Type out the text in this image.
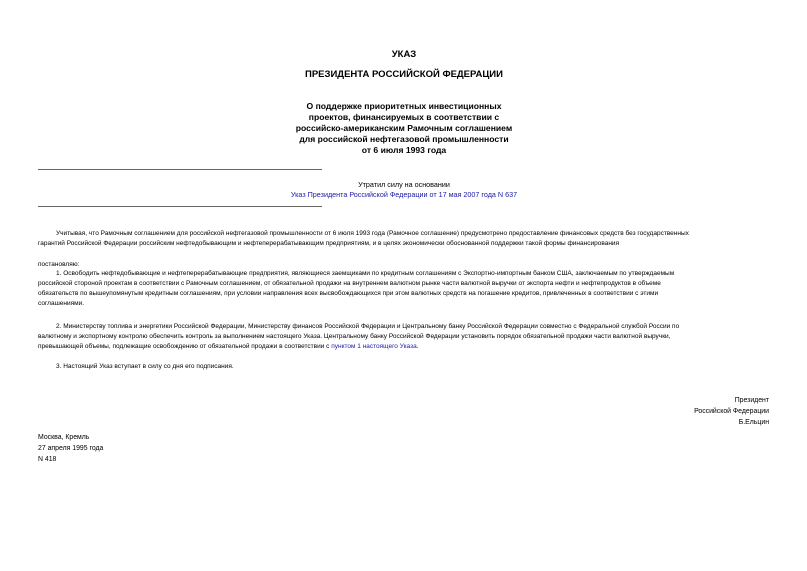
УКАЗ
ПРЕЗИДЕНТА РОССИЙСКОЙ ФЕДЕРАЦИИ
О поддержке приоритетных инвестиционных
проектов, финансируемых в соответствии с
российско-американским Рамочным соглашением
для российской нефтегазовой промышленности
от 6 июля 1993 года
Утратил силу на основании
Указ Президента Российской Федерации от 17 мая 2007 года N 637
Учитывая, что Рамочным соглашением для российской нефтегазовой промышленности от 6 июля 1993 года (Рамочное соглашение) предусмотрено предоставление финансовых средств без государственных
гарантий Российской Федерации российским нефтедобывающим и нефтеперерабатывающим предприятиям, и в целях экономически обоснованной поддержки такой формы финансирования
постановляю:
1. Освободить нефтедобывающие и нефтеперерабатывающие предприятия, являющиеся заемщиками по кредитным соглашениям с Экспортно-импортным банком США, заключаемым по утверждаемым
российской стороной проектам в соответствии с Рамочным соглашением, от обязательной продажи на внутреннем валютном рынке части валютной выручки от экспорта нефти и нефтепродуктов в объеме
обязательств по вышеупомянутым кредитным соглашениям, при условии направления всех высвобождающихся при этом валютных средств на погашение кредитов, привлеченных в соответствии с этими
соглашениями.
2. Министерству топлива и энергетики Российской Федерации, Министерству финансов Российской Федерации и Центральному банку Российской Федерации совместно с Федеральной службой России по
валютному и экспортному контролю обеспечить контроль за выполнением настоящего Указа. Центральному банку Российской Федерации установить порядок обязательной продажи части валютной выручки,
превышающей объемы, подлежащие освобождению от обязательной продажи в соответствии с пунктом 1 настоящего Указа.
3. Настоящий Указ вступает в силу со дня его подписания.
Президент
Российской Федерации
Б.Ельцин
Москва, Кремль
27 апреля 1995 года
N 418
